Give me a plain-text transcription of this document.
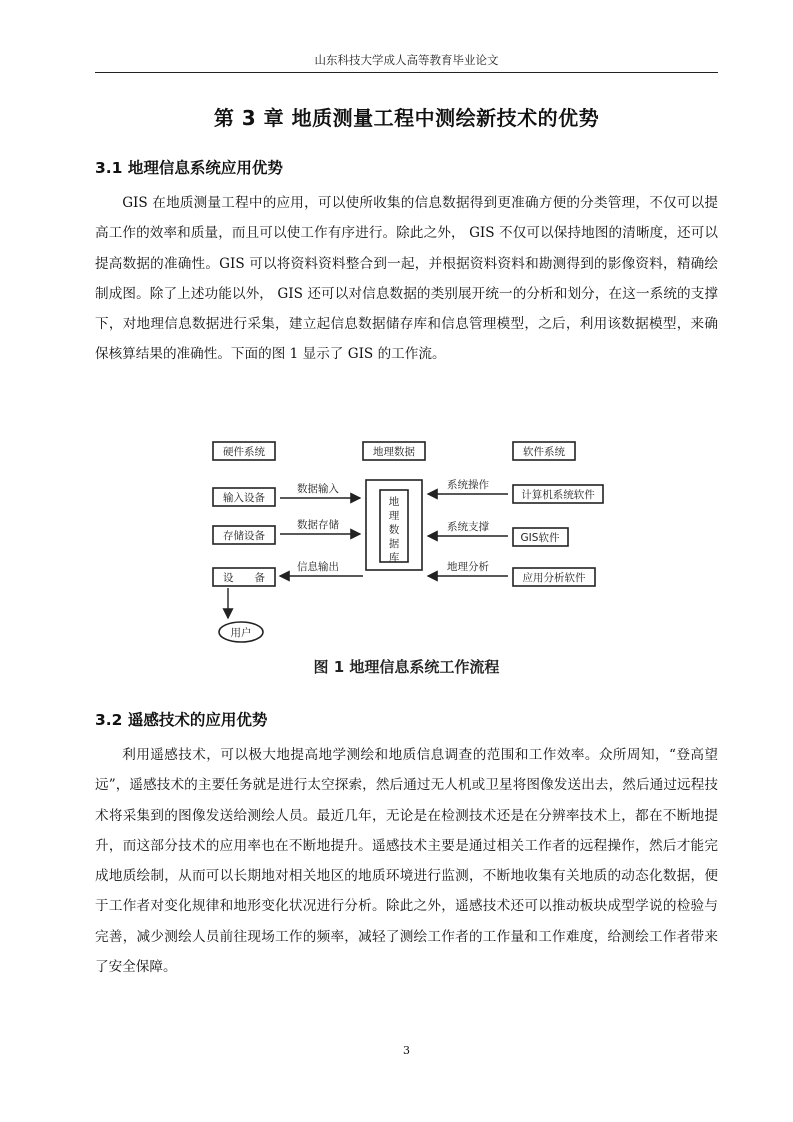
山东科技大学成人高等教育毕业论文
第 3 章 地质测量工程中测绘新技术的优势
3.1 地理信息系统应用优势

GIS 在地质测量工程中的应用，可以使所收集的信息数据得到更准确方便的分类管理，不仅可以提高工作的效率和质量，而且可以使工作有序进行。除此之外， GIS 不仅可以保持地图的清晰度，还可以提高数据的准确性。GIS 可以将资料资料整合到一起，并根据资料资料和勘测得到的影像资料，精确绘制成图。除了上述功能以外， GIS 还可以对信息数据的类别展开统一的分析和划分，在这一系统的支撑下，对地理信息数据进行采集，建立起信息数据储存库和信息管理模型，之后，利用该数据模型，来确保核算结果的准确性。下面的图 1 显示了 GIS 的工作流。

硬件系统	地理数据	软件系统
输入设备
存储设备
设　　备
用户
地
理
数
据
库
数据输入
数据存储
信息输出
系统操作
系统支撑
地理分析
计算机系统软件
GIS软件
应用分析软件
图 1 地理信息系统工作流程
3.2 遥感技术的应用优势

利用遥感技术，可以极大地提高地学测绘和地质信息调查的范围和工作效率。众所周知，“登高望远”，遥感技术的主要任务就是进行太空探索，然后通过无人机或卫星将图像发送出去，然后通过远程技术将采集到的图像发送给测绘人员。最近几年，无论是在检测技术还是在分辨率技术上，都在不断地提升，而这部分技术的应用率也在不断地提升。遥感技术主要是通过相关工作者的远程操作，然后才能完成地质绘制，从而可以长期地对相关地区的地质环境进行监测，不断地收集有关地质的动态化数据，便于工作者对变化规律和地形变化状况进行分析。除此之外，遥感技术还可以推动板块成型学说的检验与完善，减少测绘人员前往现场工作的频率，减轻了测绘工作者的工作量和工作难度，给测绘工作者带来了安全保障。

3
